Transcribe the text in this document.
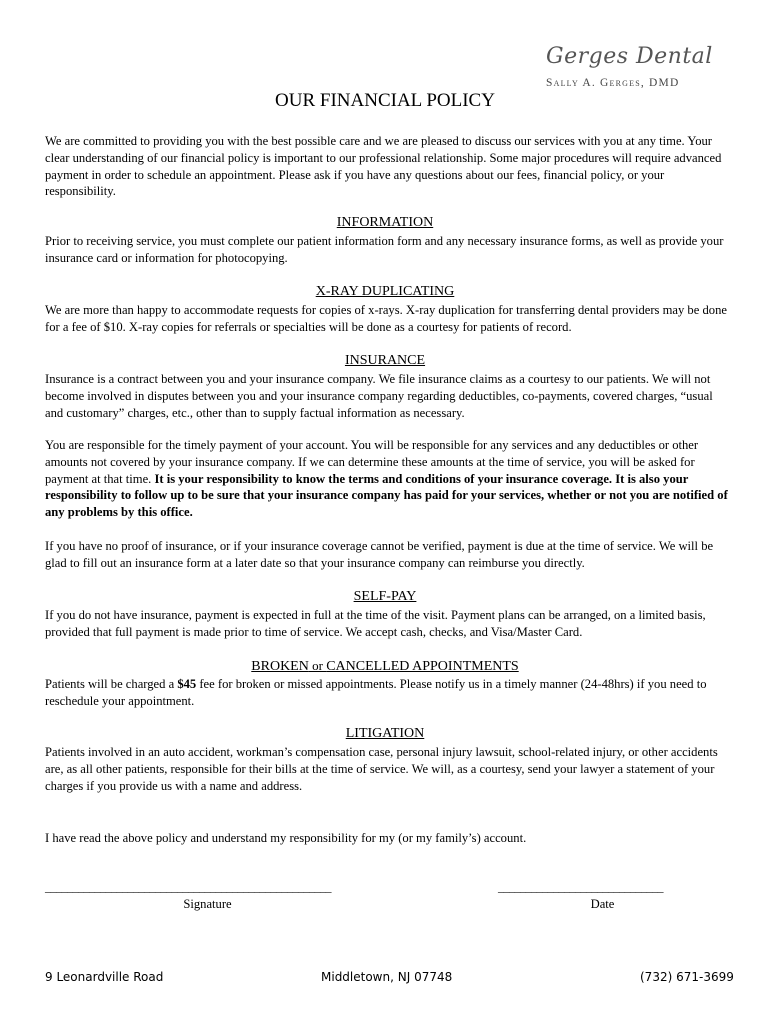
Gerges Dental
Sally A. Gerges, DMD
OUR FINANCIAL POLICY

We are committed to providing you with the best possible care and we are pleased to discuss our services with you at any time. Your clear understanding of our financial policy is important to our professional relationship. Some major procedures will require advanced payment in order to schedule an appointment. Please ask if you have any questions about our fees, financial policy, or your responsibility.

INFORMATION

Prior to receiving service, you must complete our patient information form and any necessary insurance forms, as well as provide your insurance card or information for photocopying.

X-RAY DUPLICATING

We are more than happy to accommodate requests for copies of x-rays. X-ray duplication for transferring dental providers may be done for a fee of $10. X-ray copies for referrals or specialties will be done as a courtesy for patients of record.

INSURANCE

Insurance is a contract between you and your insurance company. We file insurance claims as a courtesy to our patients. We will not become involved in disputes between you and your insurance company regarding deductibles, co-payments, covered charges, “usual and customary” charges, etc., other than to supply factual information as necessary.

You are responsible for the timely payment of your account. You will be responsible for any services and any deductibles or other amounts not covered by your insurance company. If we can determine these amounts at the time of service, you will be asked for payment at that time. It is your responsibility to know the terms and conditions of your insurance coverage. It is also your responsibility to follow up to be sure that your insurance company has paid for your services, whether or not you are notified of any problems by this office.

If you have no proof of insurance, or if your insurance coverage cannot be verified, payment is due at the time of service. We will be glad to fill out an insurance form at a later date so that your insurance company can reimburse you directly.

SELF-PAY

If you do not have insurance, payment is expected in full at the time of the visit. Payment plans can be arranged, on a limited basis, provided that full payment is made prior to time of service. We accept cash, checks, and Visa/Master Card.

BROKEN or CANCELLED APPOINTMENTS

Patients will be charged a $45 fee for broken or missed appointments. Please notify us in a timely manner (24-48hrs) if you need to reschedule your appointment.

LITIGATION

Patients involved in an auto accident, workman’s compensation case, personal injury lawsuit, school-related injury, or other accidents are, as all other patients, responsible for their bills at the time of service. We will, as a courtesy, send your lawyer a statement of your charges if you provide us with a name and address.

I have read the above policy and understand my responsibility for my (or my family’s) account.

____________________________________________________
Signature
______________________________
Date
9 Leonardville Road	Middletown, NJ 07748	(732) 671-3699
